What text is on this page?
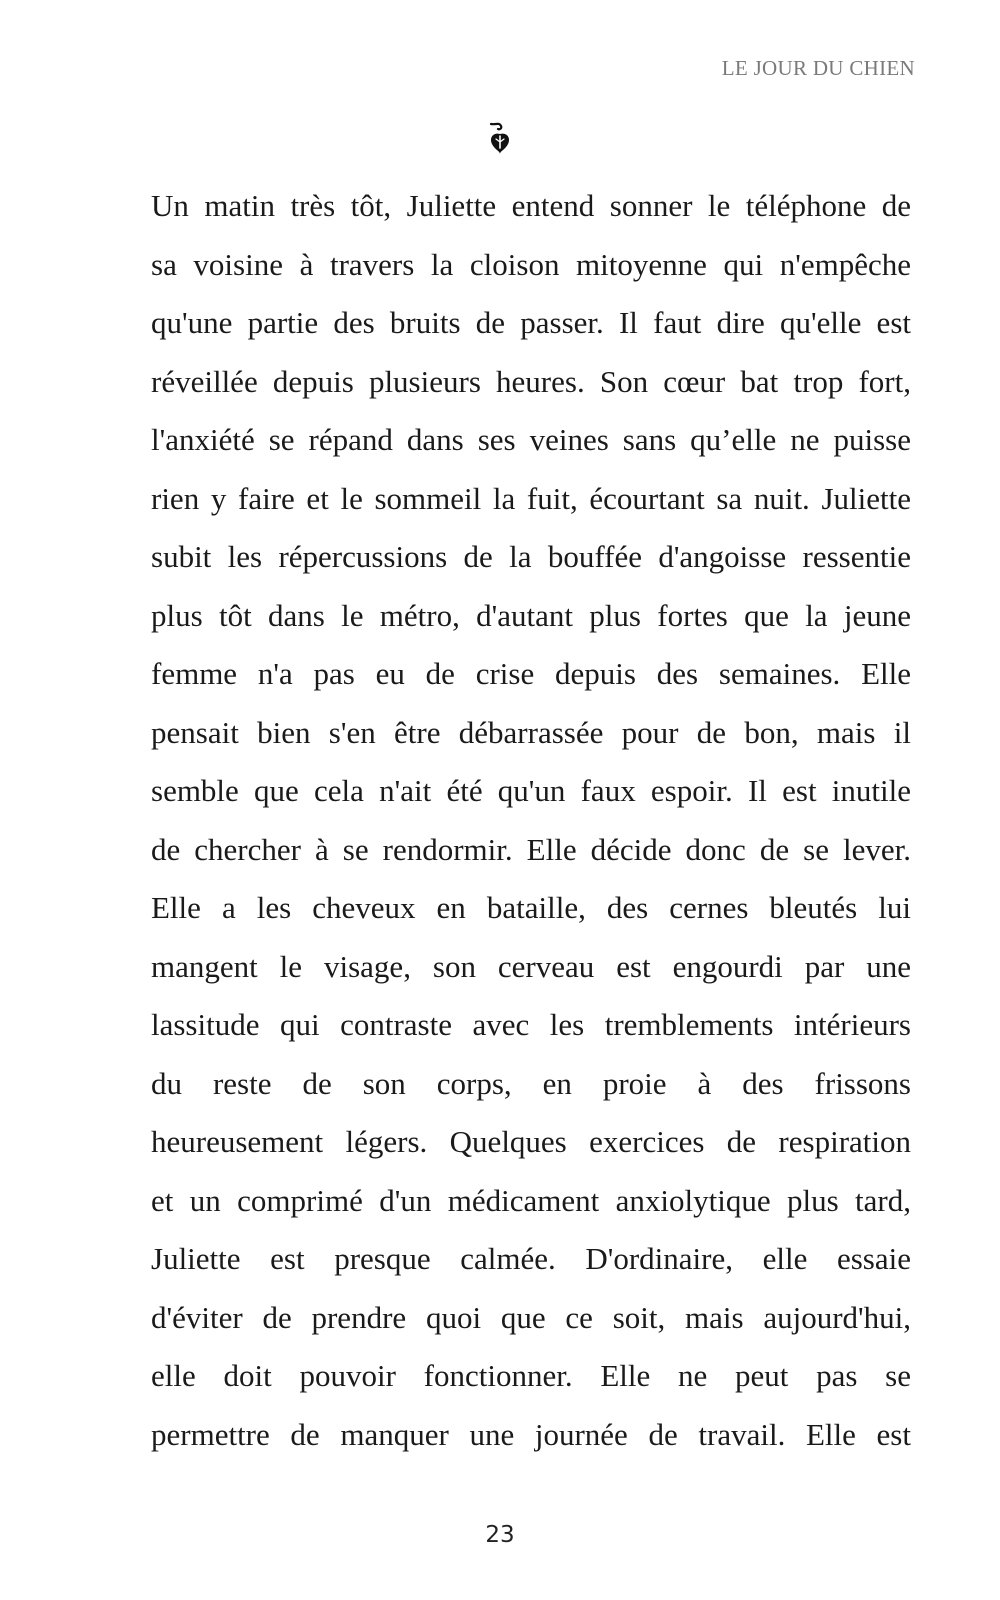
LE JOUR DU CHIEN
Un matin très tôt, Juliette entend sonner le téléphone de
sa voisine à travers la cloison mitoyenne qui n'empêche
qu'une partie des bruits de passer. Il faut dire qu'elle est
réveillée depuis plusieurs heures. Son cœur bat trop fort,
l'anxiété se répand dans ses veines sans qu’elle ne puisse
rien y faire et le sommeil la fuit, écourtant sa nuit. Juliette
subit les répercussions de la bouffée d'angoisse ressentie
plus tôt dans le métro, d'autant plus fortes que la jeune
femme n'a pas eu de crise depuis des semaines. Elle
pensait bien s'en être débarrassée pour de bon, mais il
semble que cela n'ait été qu'un faux espoir. Il est inutile
de chercher à se rendormir. Elle décide donc de se lever.
Elle a les cheveux en bataille, des cernes bleutés lui
mangent le visage, son cerveau est engourdi par une
lassitude qui contraste avec les tremblements intérieurs
du reste de son corps, en proie à des frissons
heureusement légers. Quelques exercices de respiration
et un comprimé d'un médicament anxiolytique plus tard,
Juliette est presque calmée. D'ordinaire, elle essaie
d'éviter de prendre quoi que ce soit, mais aujourd'hui,
elle doit pouvoir fonctionner. Elle ne peut pas se
permettre de manquer une journée de travail. Elle est
23
